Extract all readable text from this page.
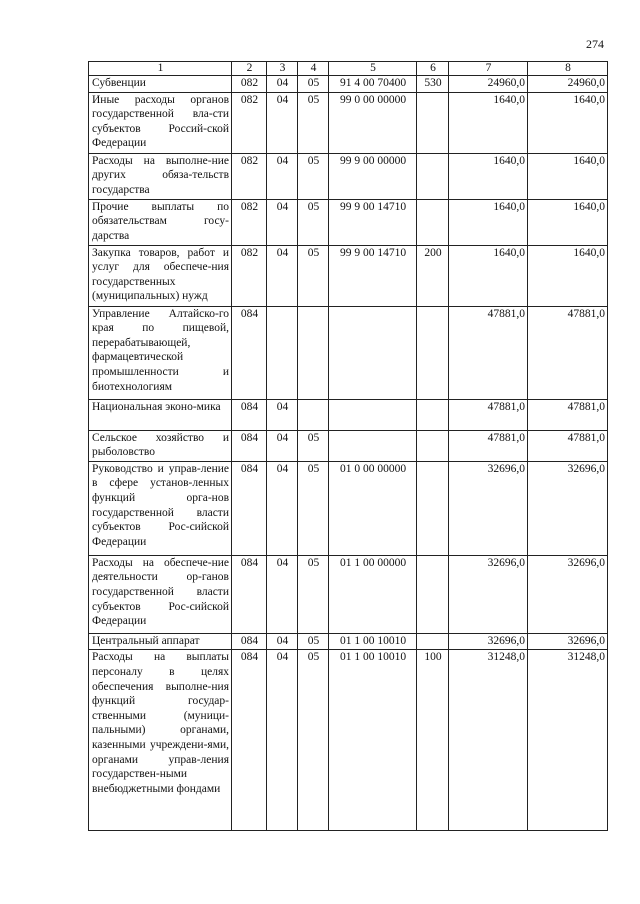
274
1	2	3	4	5	6	7	8
Субвенции	082	04	05	91 4 00 70400	530	24960,0	24960,0
Иные расходы органов государственной вла-сти субъектов Россий-ской Федерации	082	04	05	99 0 00 00000		1640,0	1640,0
Расходы на выполне-ние других обяза-тельств государства	082	04	05	99 9 00 00000		1640,0	1640,0
Прочие выплаты по обязательствам госу-дарства	082	04	05	99 9 00 14710		1640,0	1640,0
Закупка товаров, работ и услуг для обеспече-ния государственных (муниципальных) нужд	082	04	05	99 9 00 14710	200	1640,0	1640,0
Управление Алтайско-го края по пищевой, перерабатывающей, фармацевтической промышленности и биотехнологиям	084					47881,0	47881,0
Национальная эконо-мика	084	04				47881,0	47881,0
Сельское хозяйство и рыболовство	084	04	05			47881,0	47881,0
Руководство и управ-ление в сфере установ-ленных функций орга-нов государственной власти субъектов Рос-сийской Федерации	084	04	05	01 0 00 00000		32696,0	32696,0
Расходы на обеспече-ние деятельности ор-ганов государственной власти субъектов Рос-сийской Федерации	084	04	05	01 1 00 00000		32696,0	32696,0
Центральный аппарат	084	04	05	01 1 00 10010		32696,0	32696,0
Расходы на выплаты персоналу в целях обеспечения выполне-ния функций государ-ственными (муници-пальными) органами, казенными учреждени-ями, органами управ-ления государствен-ными внебюджетными фондами	084	04	05	01 1 00 10010	100	31248,0	31248,0
